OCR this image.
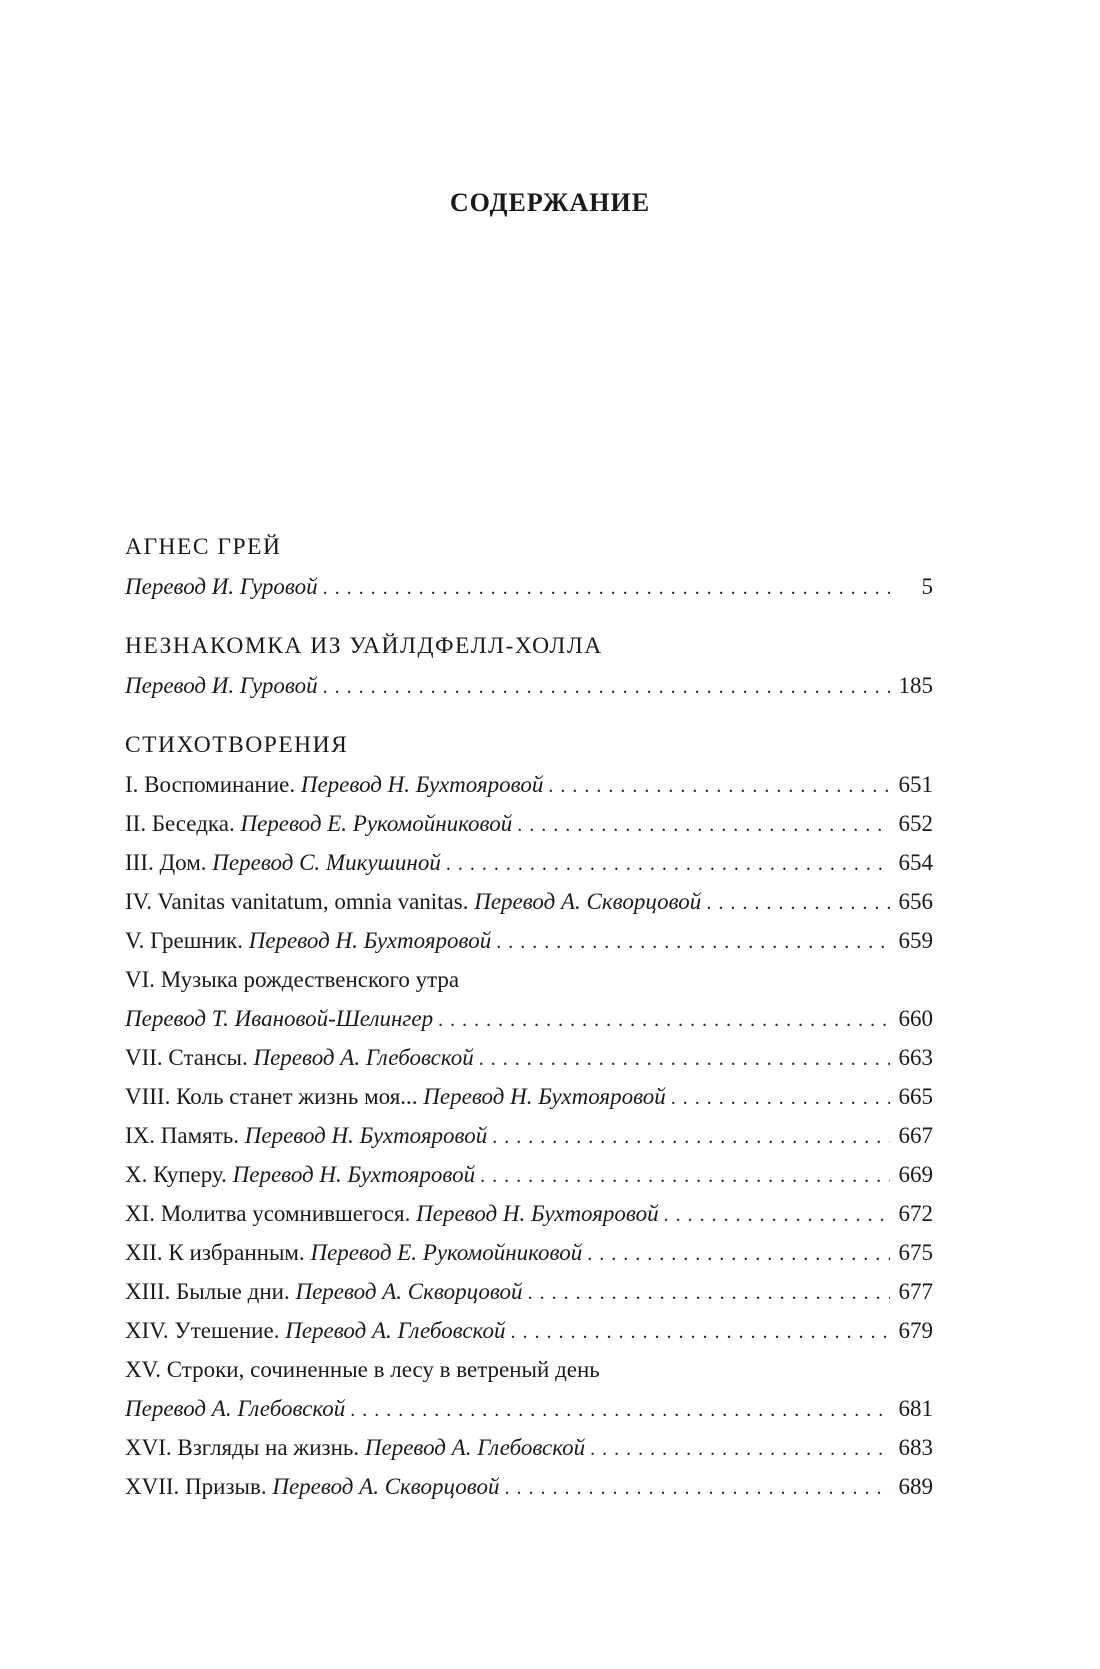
СОДЕРЖАНИЕ
АГНЕС ГРЕЙ
Перевод И. Гуровой . . .	5
НЕЗНАКОМКА ИЗ УАЙЛДФЕЛЛ-ХОЛЛА
Перевод И. Гуровой . . .	185
СТИХОТВОРЕНИЯ
I. Воспоминание. Перевод Н. Бухтояровой . . .	651
II. Беседка. Перевод Е. Рукомойниковой . . .	652
III. Дом. Перевод С. Микушиной . . .	654
IV. Vanitas vanitatum, omnia vanitas. Перевод А. Скворцовой . . .	656
V. Грешник. Перевод Н. Бухтояровой . . .	659
VI. Музыка рождественского утра
Перевод Т. Ивановой-Шелингер . . .	660
VII. Стансы. Перевод А. Глебовской . . .	663
VIII. Коль станет жизнь моя... Перевод Н. Бухтояровой . . .	665
IX. Память. Перевод Н. Бухтояровой . . .	667
X. Куперу. Перевод Н. Бухтояровой . . .	669
XI. Молитва усомнившегося. Перевод Н. Бухтояровой . . .	672
XII. К избранным. Перевод Е. Рукомойниковой . . .	675
XIII. Былые дни. Перевод А. Скворцовой . . .	677
XIV. Утешение. Перевод А. Глебовской . . .	679
XV. Строки, сочиненные в лесу в ветреный день
Перевод А. Глебовской . . .	681
XVI. Взгляды на жизнь. Перевод А. Глебовской . . .	683
XVII. Призыв. Перевод А. Скворцовой . . .	689
